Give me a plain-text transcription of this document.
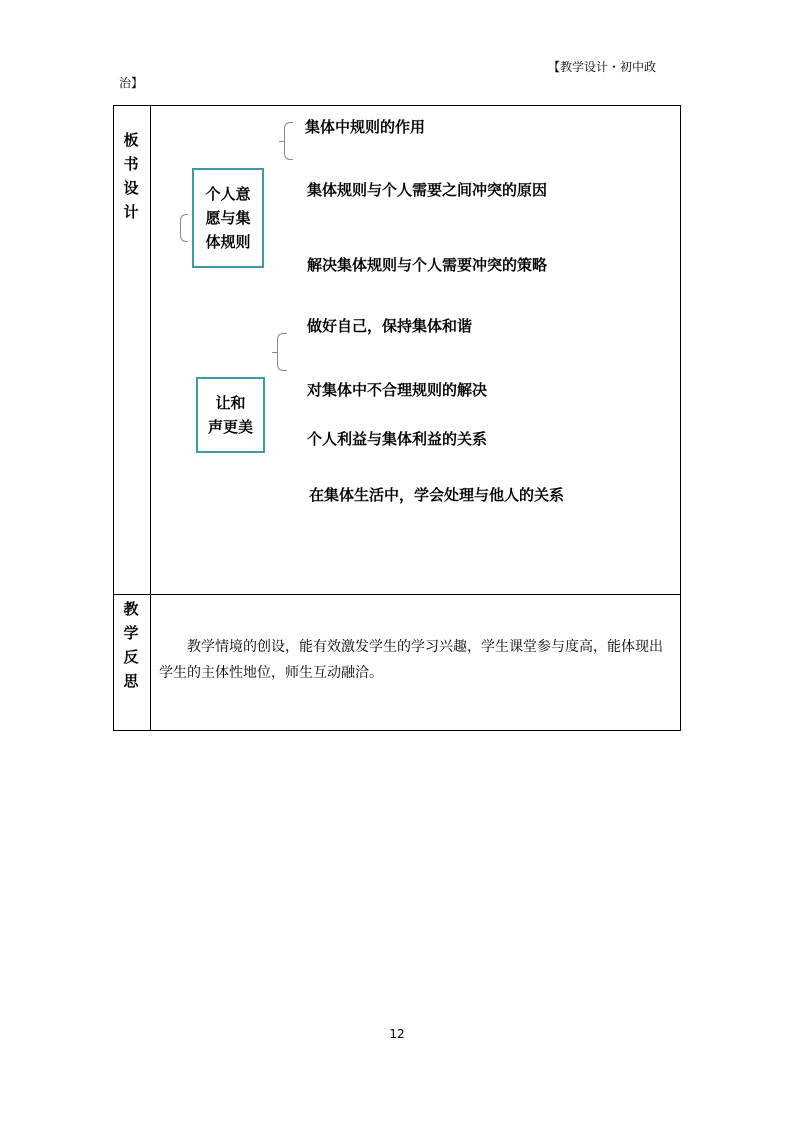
【教学设计・初中政
治】
板
书
设
计
个人意
愿与集
体规则
集体中规则的作用
集体规则与个人需要之间冲突的原因
解决集体规则与个人需要冲突的策略
让和
声更美
做好自己，保持集体和谐
对集体中不合理规则的解决
个人利益与集体利益的关系
在集体生活中，学会处理与他人的关系
教
学
反
思

教学情境的创设，能有效激发学生的学习兴趣，学生课堂参与度高，能体现出学生的主体性地位，师生互动融洽。

12
